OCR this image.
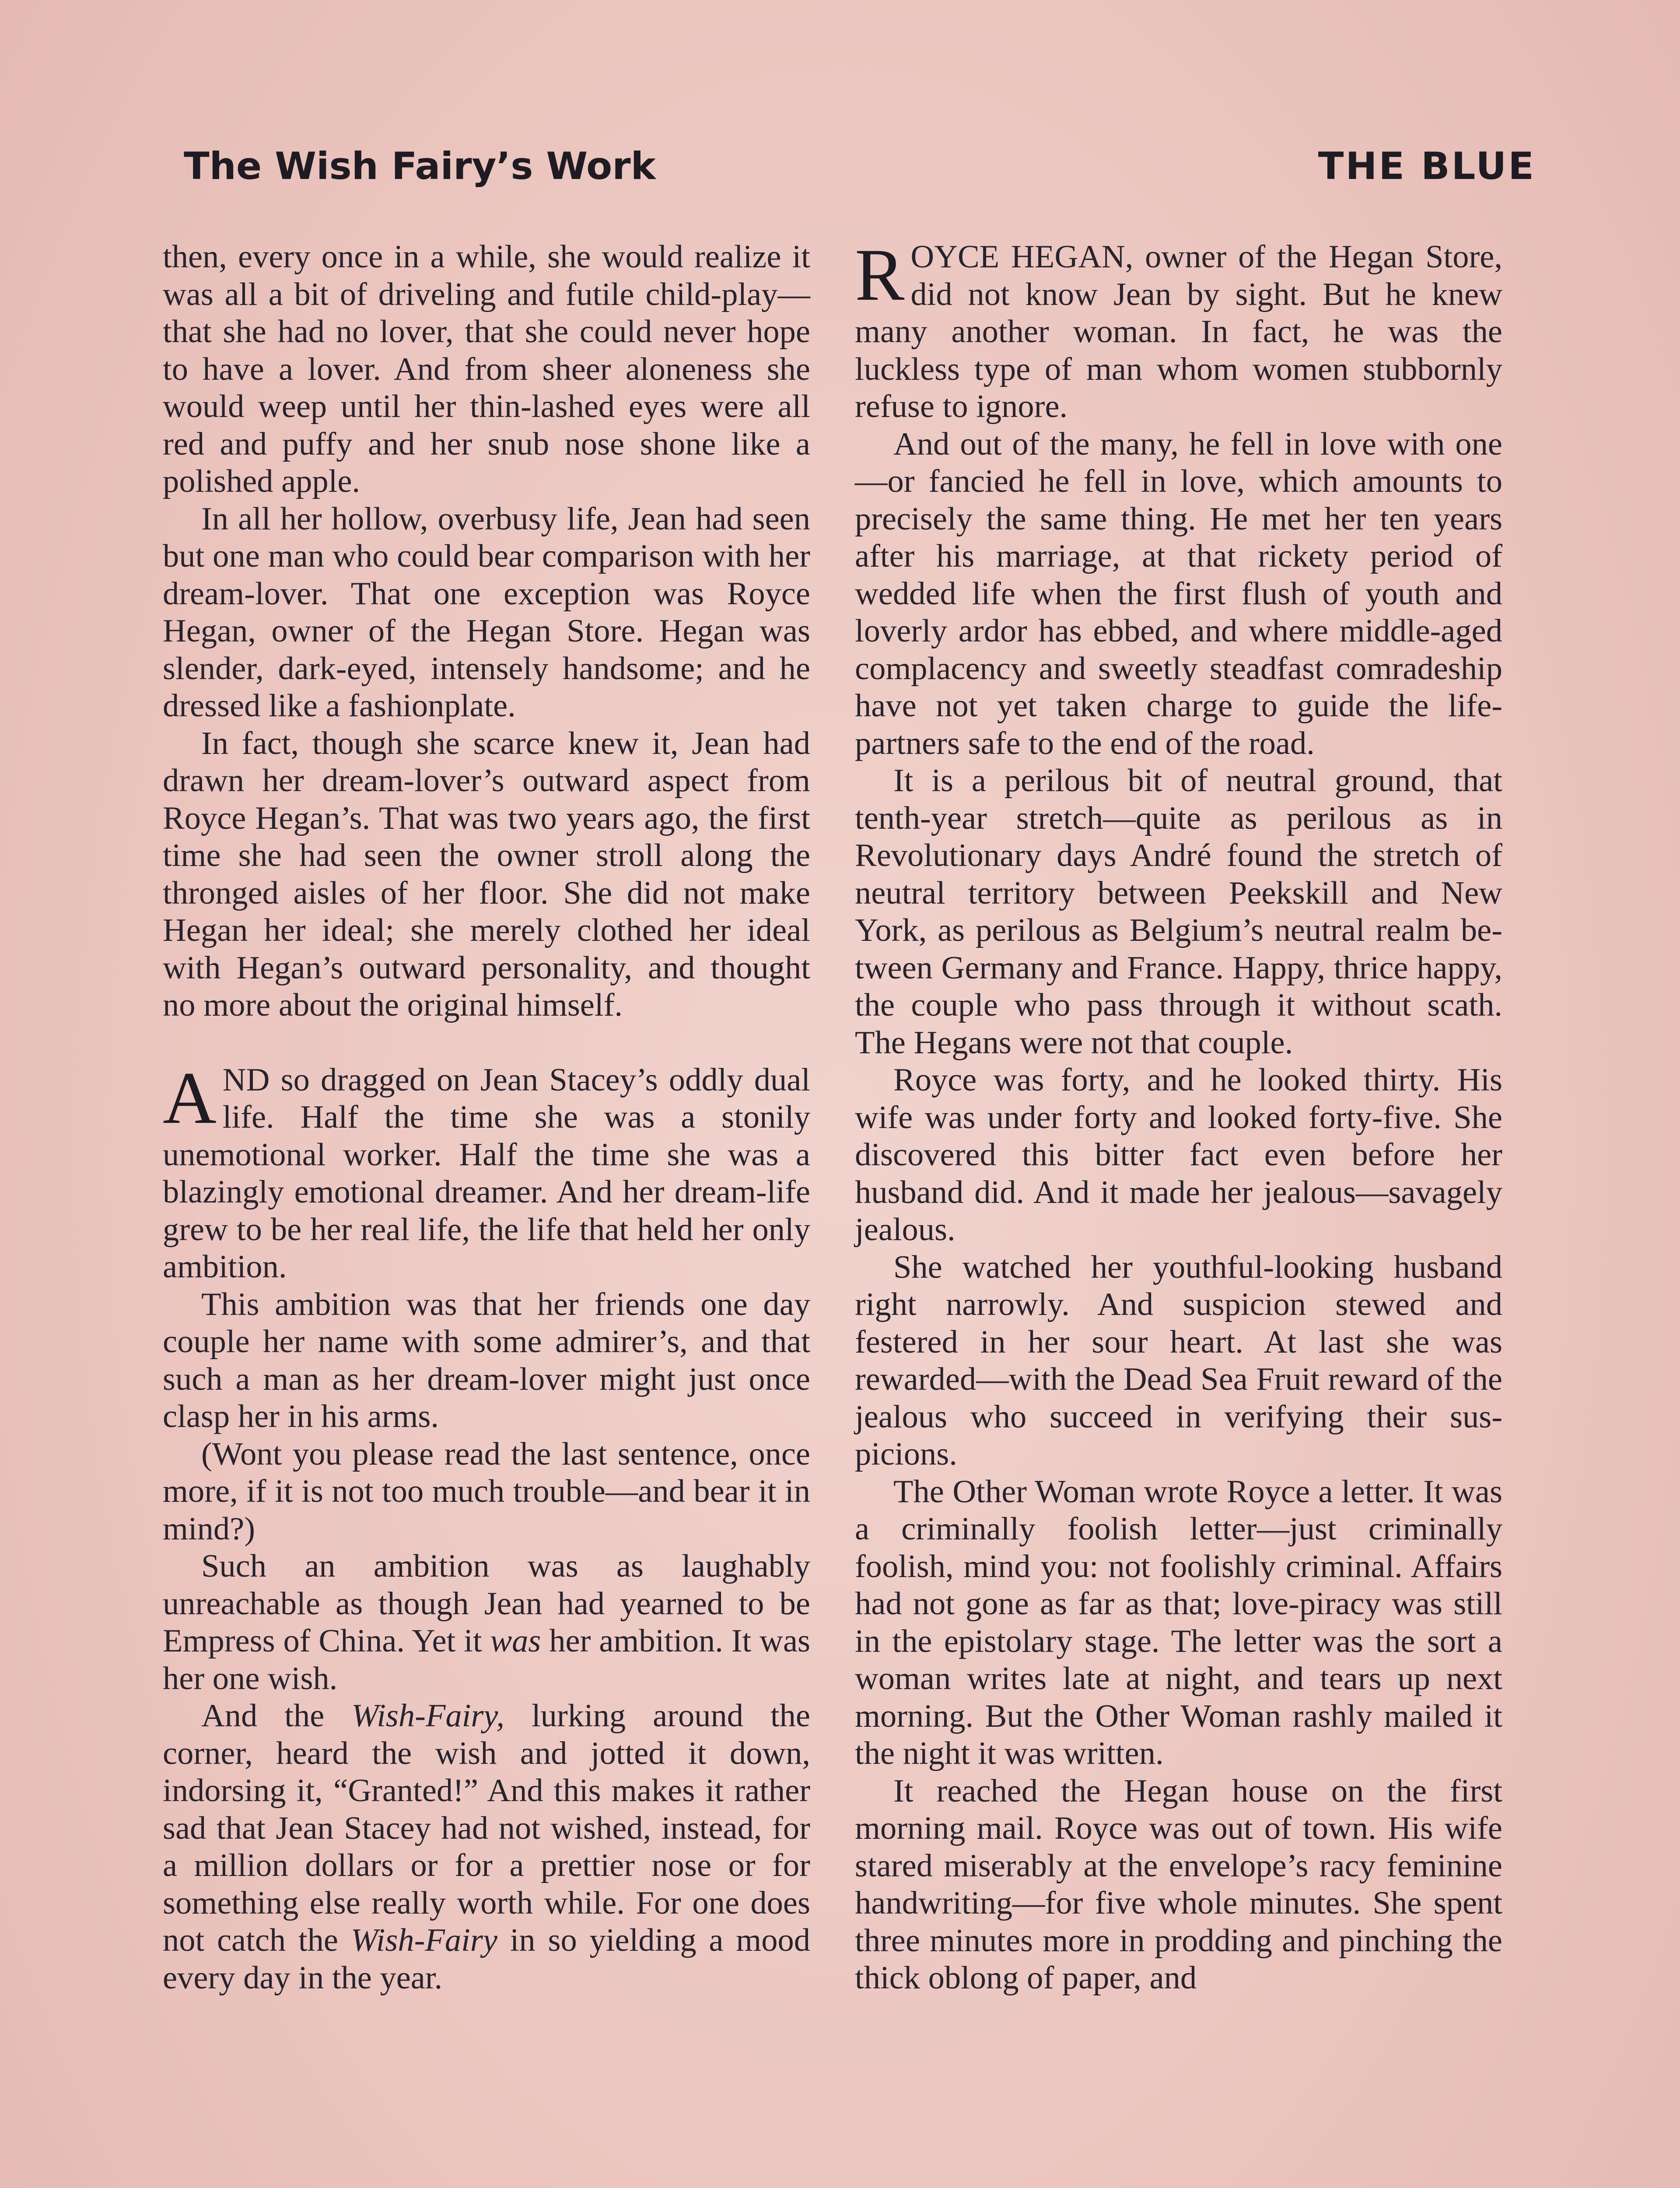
The Wish Fairy’s Work	THE BLUE

then, every once in a while, she would realize it was all a bit of driveling and futile child-play—that she had no lover, that she could never hope to have a lover. And from sheer aloneness she would weep until her thin-lashed eyes were all red and puffy and her snub nose shone like a polished apple.

In all her hollow, overbusy life, Jean had seen but one man who could bear comparison with her dream-lover. That one exception was Royce Hegan, owner of the Hegan Store. Hegan was slender, dark-eyed, intensely handsome; and he dressed like a fashionplate.

In fact, though she scarce knew it, Jean had drawn her dream-lover’s outward aspect from Royce Hegan’s. That was two years ago, the first time she had seen the owner stroll along the thronged aisles of her floor. She did not make Hegan her ideal; she merely clothed her ideal with Hegan’s outward personality, and thought no more about the original himself.

AND so dragged on Jean Stacey’s oddly dual life. Half the time she was a stonily unemotional worker. Half the time she was a blazingly emotional dreamer. And her dream-life grew to be her real life, the life that held her only ambition.

This ambition was that her friends one day couple her name with some admirer’s, and that such a man as her dream-lover might just once clasp her in his arms.

(Wont you please read the last sentence, once more, if it is not too much trouble—and bear it in mind?)

Such an ambition was as laughably unreachable as though Jean had yearned to be Empress of China. Yet it was her ambition. It was her one wish.

And the Wish-Fairy, lurking around the corner, heard the wish and jotted it down, indorsing it, “Granted!” And this makes it rather sad that Jean Stacey had not wished, instead, for a million dollars or for a prettier nose or for something else really worth while. For one does not catch the Wish-Fairy in so yielding a mood every day in the year.

ROYCE HEGAN, owner of the Hegan Store, did not know Jean by sight. But he knew many another woman. In fact, he was the luckless type of man whom women stubbornly refuse to ignore.

And out of the many, he fell in love with one—or fancied he fell in love, which amounts to precisely the same thing. He met her ten years after his marriage, at that rickety period of wedded life when the first flush of youth and loverly ardor has ebbed, and where middle-aged complacency and sweetly steadfast comradeship have not yet taken charge to guide the lifepartners safe to the end of the road.

It is a perilous bit of neutral ground, that tenth-year stretch—quite as perilous as in Revolutionary days André found the stretch of neutral territory between Peekskill and New York, as perilous as Belgium’s neutral realm between Germany and France. Happy, thrice happy, the couple who pass through it without scath. The Hegans were not that couple.

Royce was forty, and he looked thirty. His wife was under forty and looked forty-five. She discovered this bitter fact even before her husband did. And it made her jealous—savagely jealous.

She watched her youthful-looking husband right narrowly. And suspicion stewed and festered in her sour heart. At last she was rewarded—with the Dead Sea Fruit reward of the jealous who succeed in verifying their suspicions.

The Other Woman wrote Royce a letter. It was a criminally foolish letter—just criminally foolish, mind you: not foolishly criminal. Affairs had not gone as far as that; love-piracy was still in the epistolary stage. The letter was the sort a woman writes late at night, and tears up next morning. But the Other Woman rashly mailed it the night it was written.

It reached the Hegan house on the first morning mail. Royce was out of town. His wife stared miserably at the envelope’s racy feminine handwriting—for five whole minutes. She spent three minutes more in prodding and pinching the thick oblong of paper, and
